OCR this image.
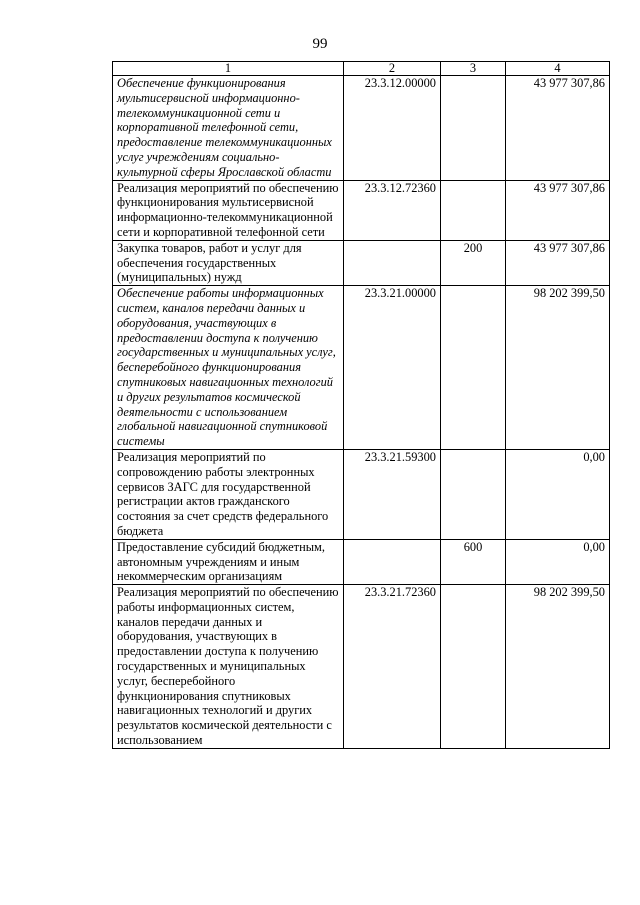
99
1	2	3	4
Обеспечение функционирования мультисервисной информационно-телекоммуникационной сети и корпоративной телефонной сети, предоставление телекоммуникационных услуг учреждениям социально-культурной сферы Ярославской области	23.3.12.00000		43 977 307,86
Реализация мероприятий по обеспечению функционирования мультисервисной информационно-телекоммуникационной сети и корпоративной телефонной сети	23.3.12.72360		43 977 307,86
Закупка товаров, работ и услуг для обеспечения государственных (муниципальных) нужд		200	43 977 307,86
Обеспечение работы информационных систем, каналов передачи данных и оборудования, участвующих в предоставлении доступа к получению государственных и муниципальных услуг, бесперебойного функционирования спутниковых навигационных технологий и других результатов космической деятельности с использованием глобальной навигационной спутниковой системы	23.3.21.00000		98 202 399,50
Реализация мероприятий по сопровождению работы электронных сервисов ЗАГС для государственной регистрации актов гражданского состояния за счет средств федерального бюджета	23.3.21.59300		0,00
Предоставление субсидий бюджетным, автономным учреждениям и иным некоммерческим организациям		600	0,00
Реализация мероприятий по обеспечению работы информационных систем, каналов передачи данных и оборудования, участвующих в предоставлении доступа к получению государственных и муниципальных услуг, бесперебойного функционирования спутниковых навигационных технологий и других результатов космической деятельности с использованием	23.3.21.72360		98 202 399,50
